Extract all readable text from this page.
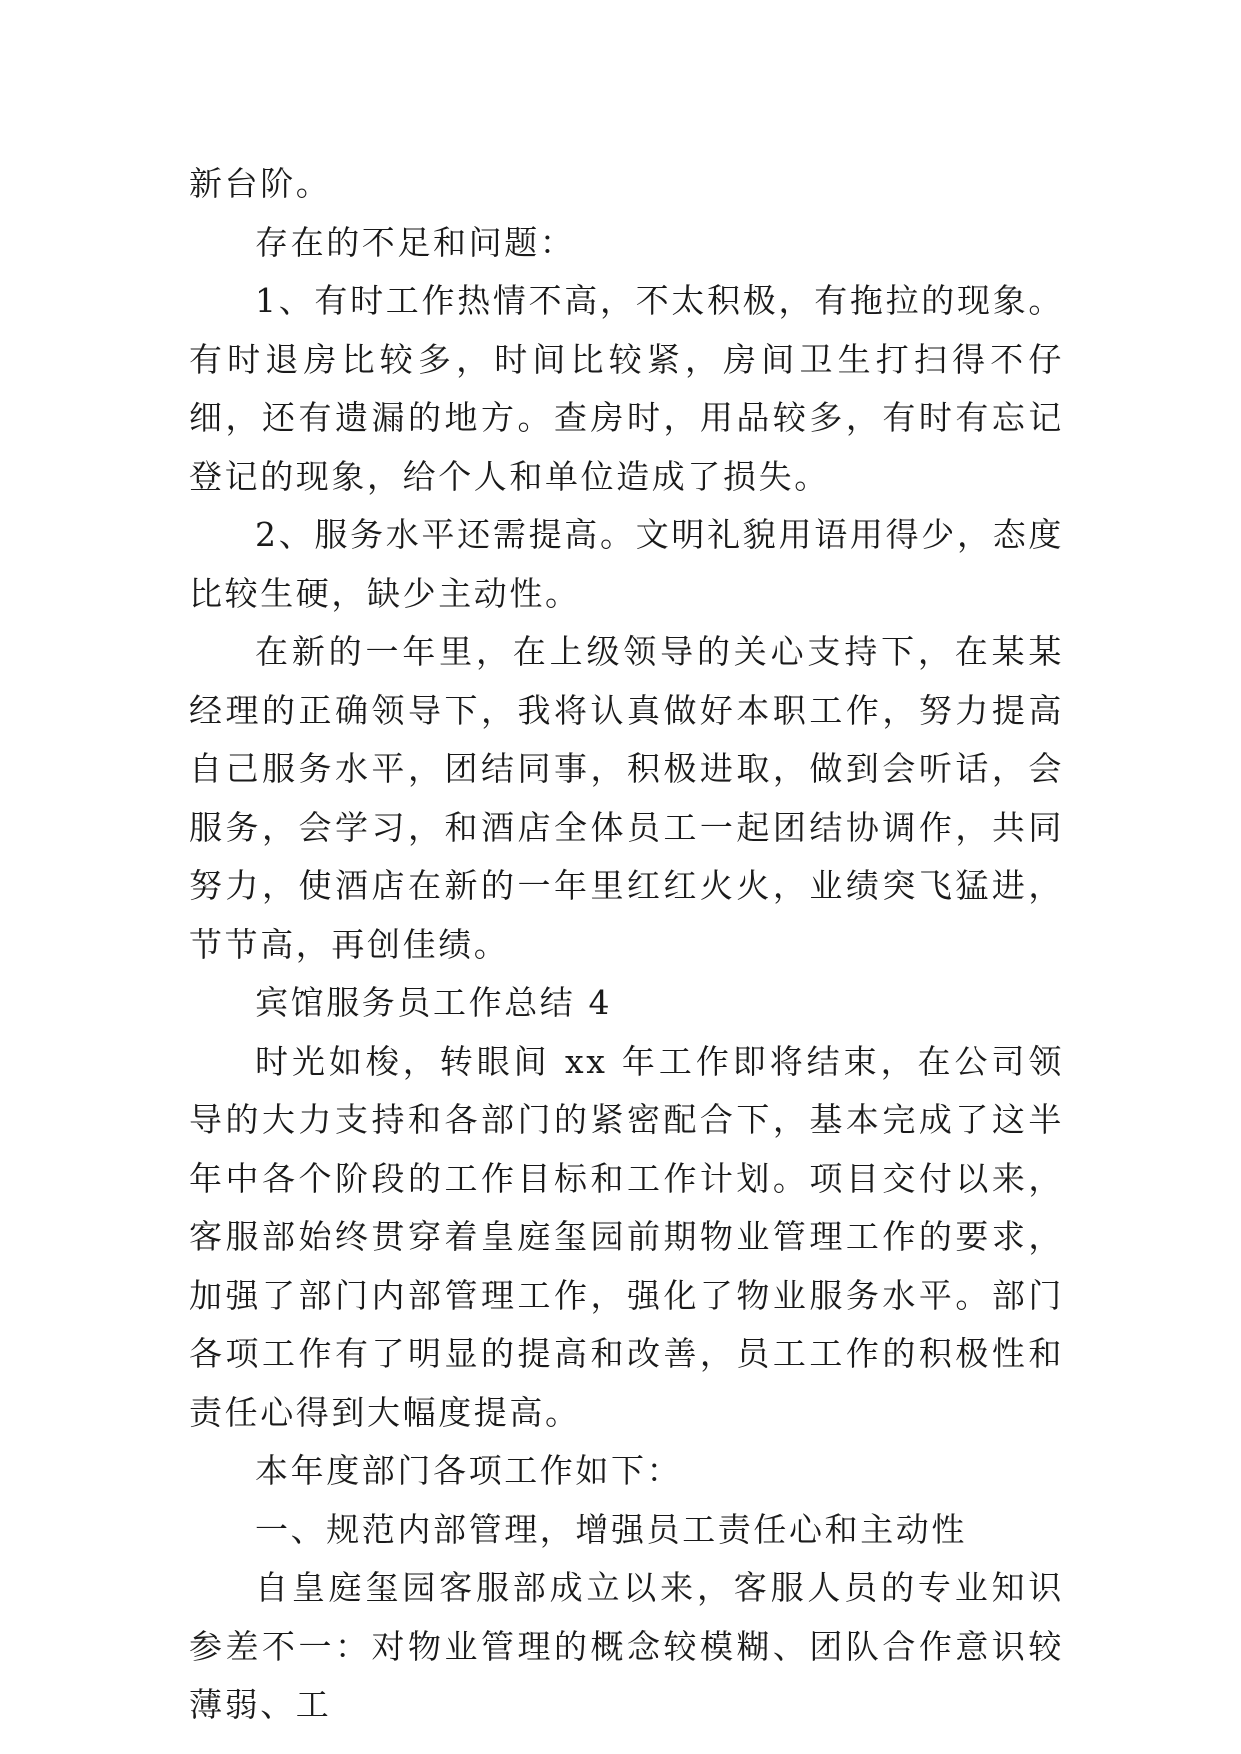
新台阶。

存在的不足和问题：

1、有时工作热情不高，不太积极，有拖拉的现象。有时退房比较多，时间比较紧，房间卫生打扫得不仔细，还有遗漏的地方。查房时，用品较多，有时有忘记登记的现象，给个人和单位造成了损失。

2、服务水平还需提高。文明礼貌用语用得少，态度比较生硬，缺少主动性。

在新的一年里，在上级领导的关心支持下，在某某经理的正确领导下，我将认真做好本职工作，努力提高自己服务水平，团结同事，积极进取，做到会听话，会服务，会学习，和酒店全体员工一起团结协调作，共同努力，使酒店在新的一年里红红火火，业绩突飞猛进，节节高，再创佳绩。

宾馆服务员工作总结 4

时光如梭，转眼间 xx 年工作即将结束，在公司领导的大力支持和各部门的紧密配合下，基本完成了这半年中各个阶段的工作目标和工作计划。项目交付以来，客服部始终贯穿着皇庭玺园前期物业管理工作的要求，加强了部门内部管理工作，强化了物业服务水平。部门各项工作有了明显的提高和改善，员工工作的积极性和责任心得到大幅度提高。

本年度部门各项工作如下：

一、规范内部管理，增强员工责任心和主动性

自皇庭玺园客服部成立以来，客服人员的专业知识参差不一：对物业管理的概念较模糊、团队合作意识较薄弱、工
